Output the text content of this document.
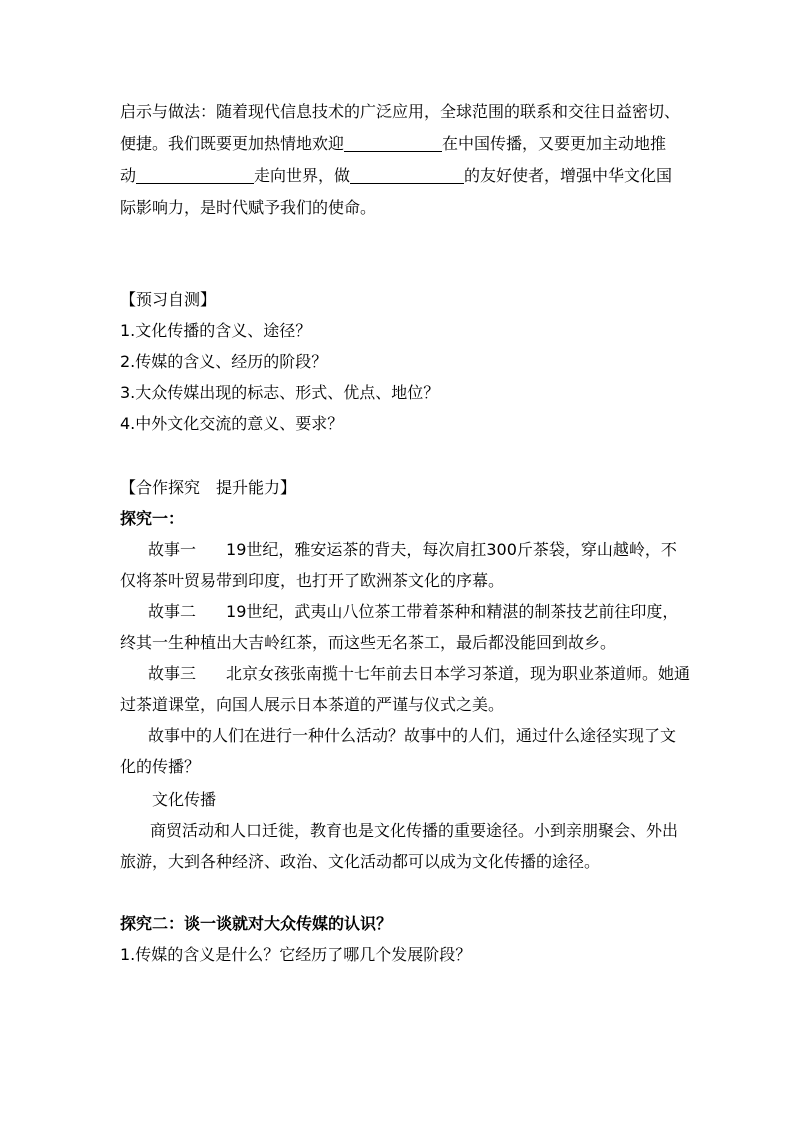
启示与做法：随着现代信息技术的广泛应用，全球范围的联系和交往日益密切、
便捷。我们既要更加热情地欢迎	在中国传播，又要更加主动地推
动	走向世界，做	的友好使者，增强中华文化国
际影响力，是时代赋予我们的使命。
【预习自测】
1.文化传播的含义、途径？
2.传媒的含义、经历的阶段？
3.大众传媒出现的标志、形式、优点、地位？
4.中外文化交流的意义、要求？
【合作探究　提升能力】
探究一：
故事一 19世纪，雅安运茶的背夫，每次肩扛300斤茶袋，穿山越岭，不
仅将茶叶贸易带到印度，也打开了欧洲茶文化的序幕。
故事二 19世纪，武夷山八位茶工带着茶种和精湛的制茶技艺前往印度，
终其一生种植出大吉岭红茶，而这些无名茶工，最后都没能回到故乡。
故事三 北京女孩张南揽十七年前去日本学习茶道，现为职业茶道师。她通
过茶道课堂，向国人展示日本茶道的严谨与仪式之美。
故事中的人们在进行一种什么活动？故事中的人们，通过什么途径实现了文
化的传播？
文化传播
商贸活动和人口迁徙，教育也是文化传播的重要途径。小到亲朋聚会、外出
旅游，大到各种经济、政治、文化活动都可以成为文化传播的途径。
探究二：谈一谈就对大众传媒的认识？
1.传媒的含义是什么？它经历了哪几个发展阶段？
